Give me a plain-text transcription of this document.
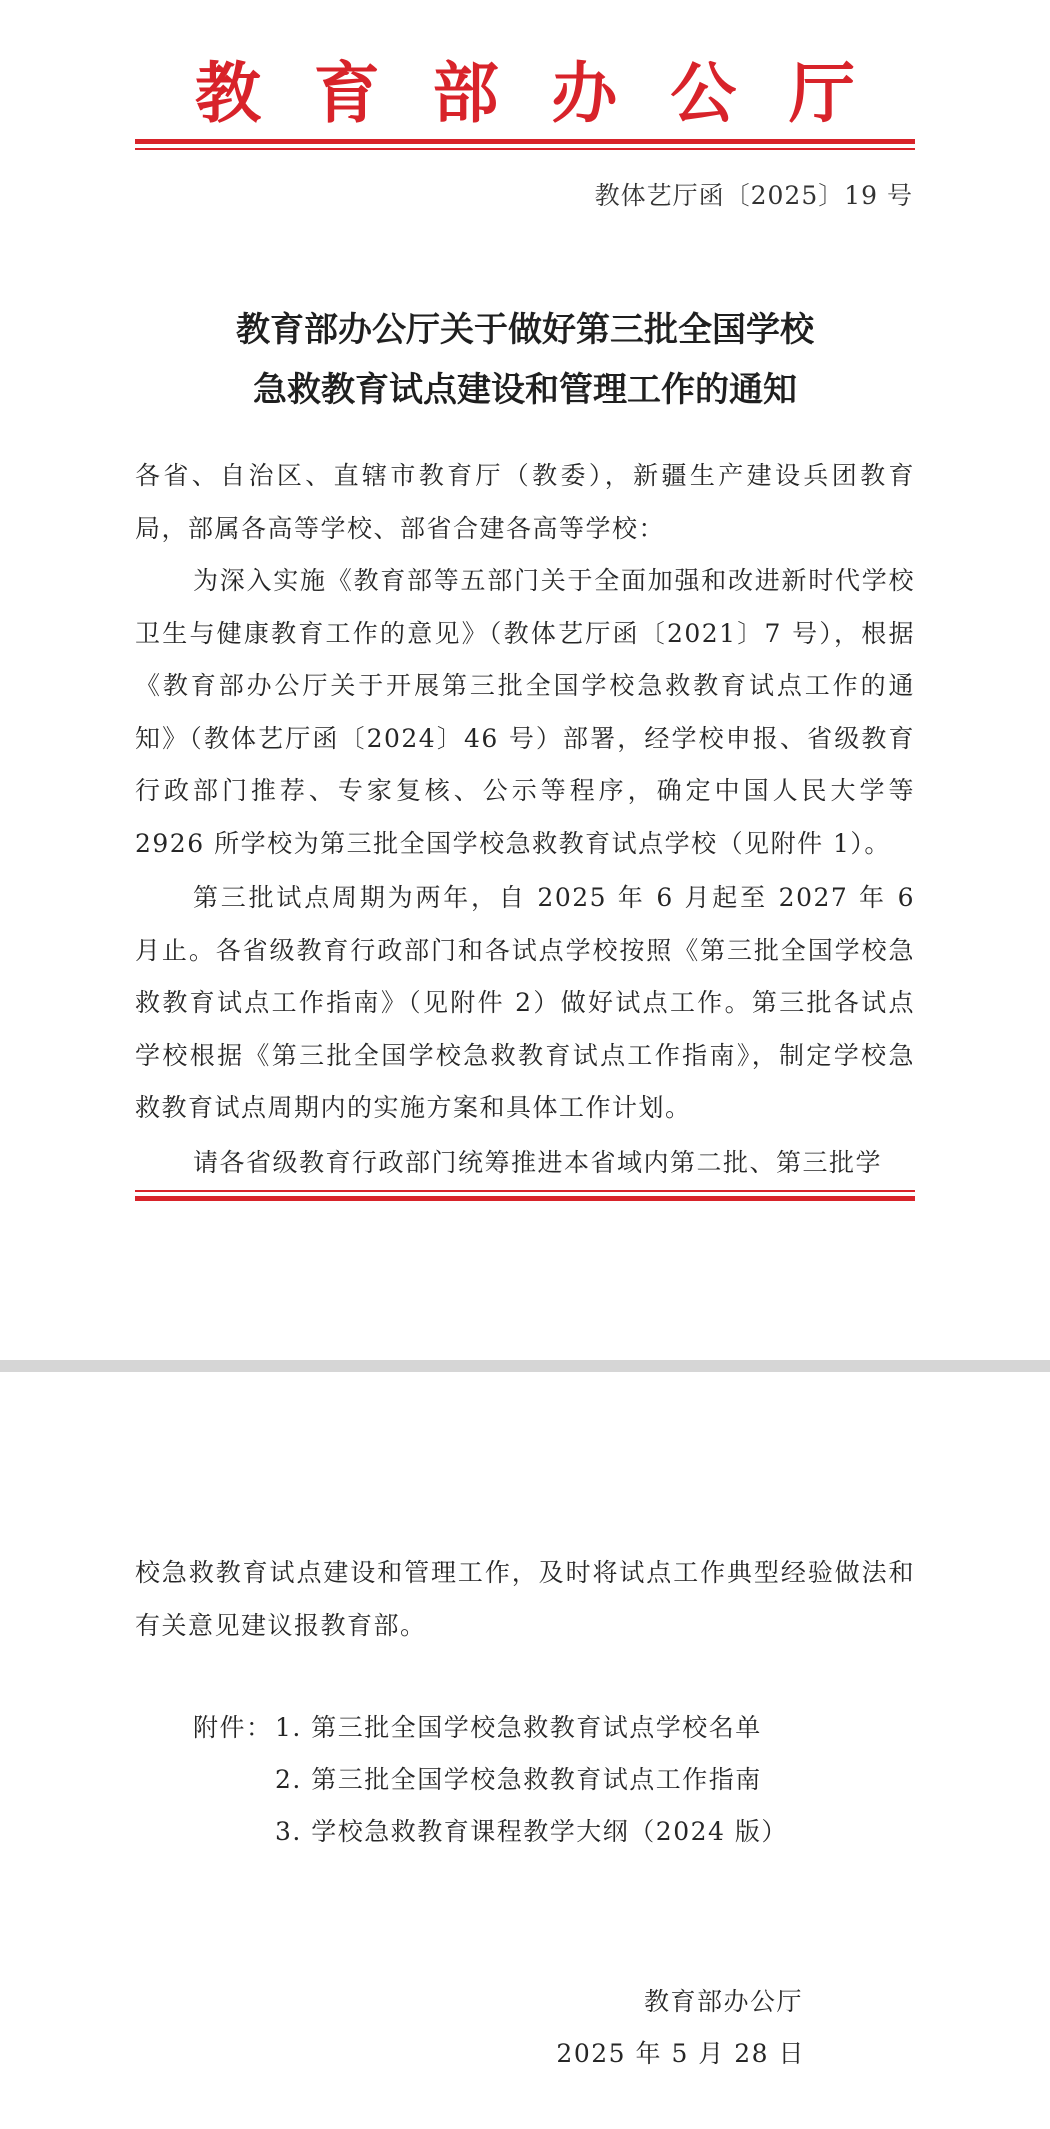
教 育 部 办 公 厅
教体艺厅函〔2025〕19 号
教育部办公厅关于做好第三批全国学校
急救教育试点建设和管理工作的通知

各省、自治区、直辖市教育厅（教委），新疆生产建设兵团教育局，部属各高等学校、部省合建各高等学校：

为深入实施《教育部等五部门关于全面加强和改进新时代学校卫生与健康教育工作的意见》（教体艺厅函〔2021〕7 号），根据《教育部办公厅关于开展第三批全国学校急救教育试点工作的通知》（教体艺厅函〔2024〕46 号）部署，经学校申报、省级教育行政部门推荐、专家复核、公示等程序，确定中国人民大学等 2926 所学校为第三批全国学校急救教育试点学校（见附件 1）。

第三批试点周期为两年，自 2025 年 6 月起至 2027 年 6 月止。各省级教育行政部门和各试点学校按照《第三批全国学校急救教育试点工作指南》（见附件 2）做好试点工作。第三批各试点学校根据《第三批全国学校急救教育试点工作指南》，制定学校急救教育试点周期内的实施方案和具体工作计划。

请各省级教育行政部门统筹推进本省域内第二批、第三批学

校急救教育试点建设和管理工作，及时将试点工作典型经验做法和有关意见建议报教育部。

附件： 1. 第三批全国学校急救教育试点学校名单
2. 第三批全国学校急救教育试点工作指南
3. 学校急救教育课程教学大纲（2024 版）
教育部办公厅
2025 年 5 月 28 日
